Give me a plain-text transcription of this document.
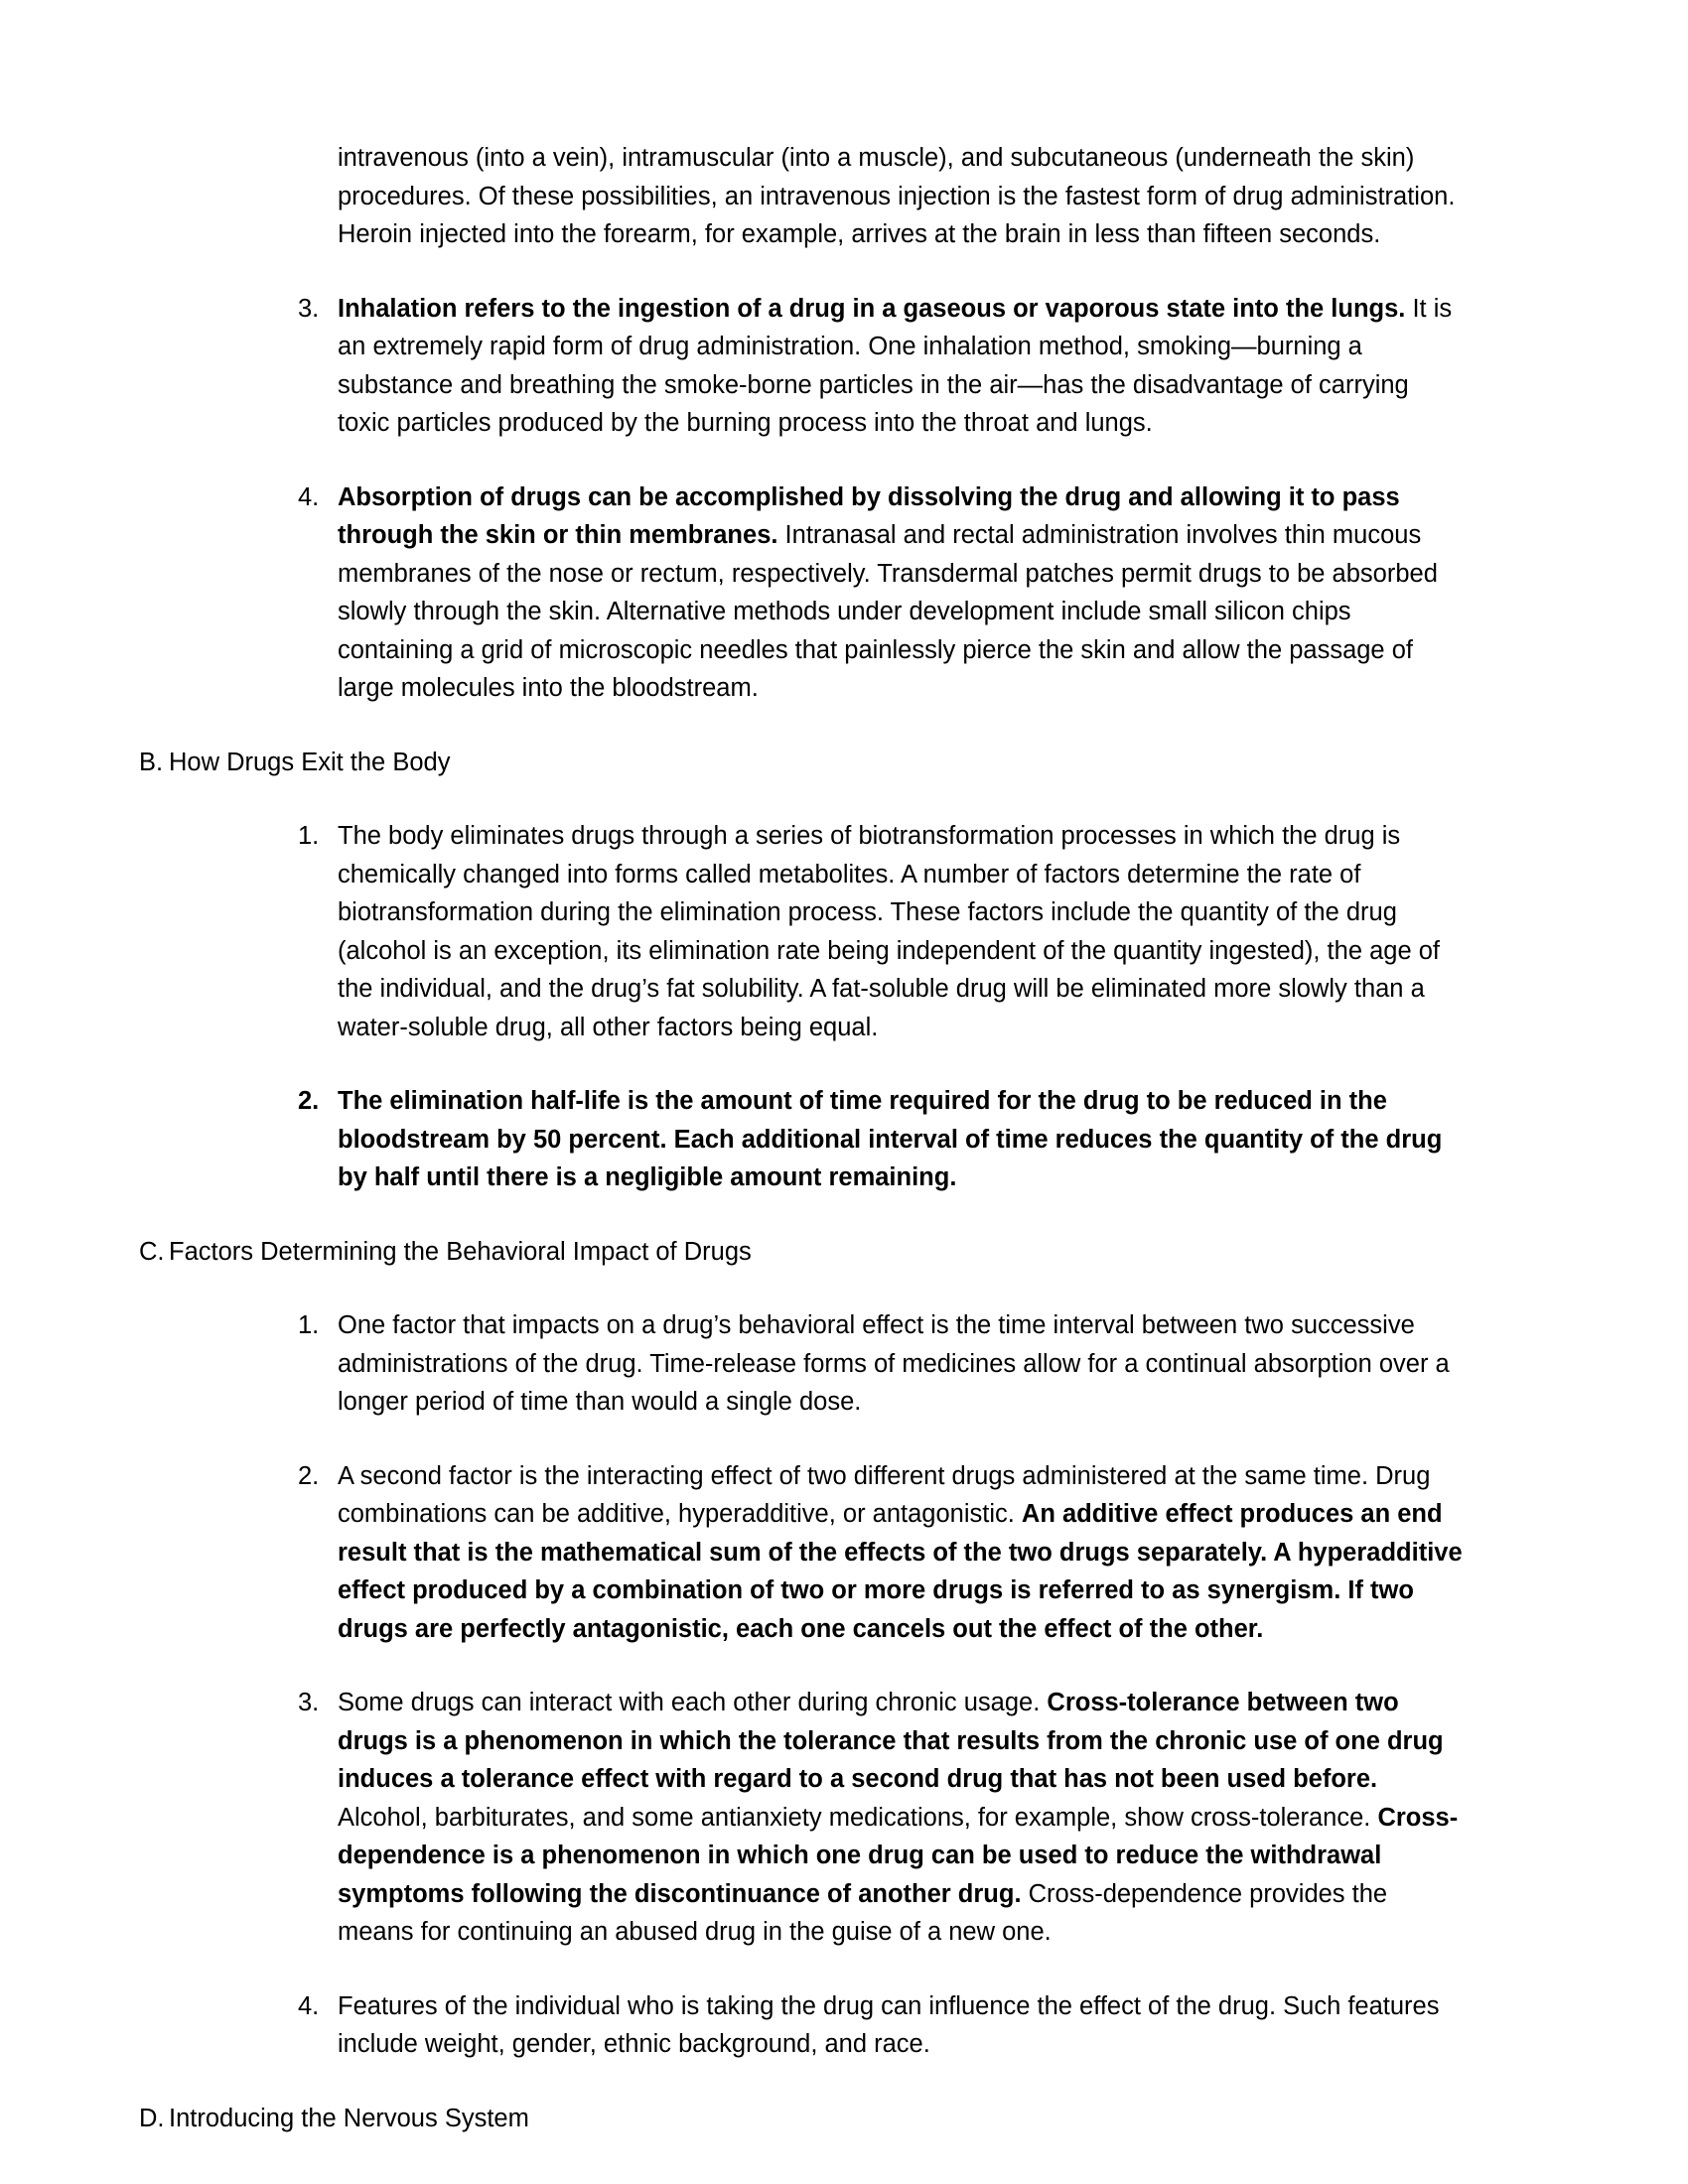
intravenous (into a vein), intramuscular (into a muscle), and subcutaneous (underneath the skin) procedures. Of these possibilities, an intravenous injection is the fastest form of drug administration. Heroin injected into the forearm, for example, arrives at the brain in less than fifteen seconds.

3. Inhalation refers to the ingestion of a drug in a gaseous or vaporous state into the lungs. It is an extremely rapid form of drug administration. One inhalation method, smoking—burning a substance and breathing the smoke-borne particles in the air—has the disadvantage of carrying toxic particles produced by the burning process into the throat and lungs.
4. Absorption of drugs can be accomplished by dissolving the drug and allowing it to pass through the skin or thin membranes. Intranasal and rectal administration involves thin mucous membranes of the nose or rectum, respectively. Transdermal patches permit drugs to be absorbed slowly through the skin. Alternative methods under development include small silicon chips containing a grid of microscopic needles that painlessly pierce the skin and allow the passage of large molecules into the bloodstream.
B. How Drugs Exit the Body
1. The body eliminates drugs through a series of biotransformation processes in which the drug is chemically changed into forms called metabolites. A number of factors determine the rate of biotransformation during the elimination process. These factors include the quantity of the drug (alcohol is an exception, its elimination rate being independent of the quantity ingested), the age of the individual, and the drug’s fat solubility. A fat-soluble drug will be eliminated more slowly than a water-soluble drug, all other factors being equal.
2. The elimination half-life is the amount of time required for the drug to be reduced in the bloodstream by 50 percent. Each additional interval of time reduces the quantity of the drug by half until there is a negligible amount remaining.
C. Factors Determining the Behavioral Impact of Drugs
1. One factor that impacts on a drug’s behavioral effect is the time interval between two successive administrations of the drug. Time-release forms of medicines allow for a continual absorption over a longer period of time than would a single dose.
2. A second factor is the interacting effect of two different drugs administered at the same time. Drug combinations can be additive, hyperadditive, or antagonistic. An additive effect produces an end result that is the mathematical sum of the effects of the two drugs separately. A hyperadditive effect produced by a combination of two or more drugs is referred to as synergism. If two drugs are perfectly antagonistic, each one cancels out the effect of the other.
3. Some drugs can interact with each other during chronic usage. Cross-tolerance between two drugs is a phenomenon in which the tolerance that results from the chronic use of one drug induces a tolerance effect with regard to a second drug that has not been used before. Alcohol, barbiturates, and some antianxiety medications, for example, show cross-tolerance. Cross-dependence is a phenomenon in which one drug can be used to reduce the withdrawal symptoms following the discontinuance of another drug. Cross-dependence provides the means for continuing an abused drug in the guise of a new one.
4. Features of the individual who is taking the drug can influence the effect of the drug. Such features include weight, gender, ethnic background, and race.
D. Introducing the Nervous System
